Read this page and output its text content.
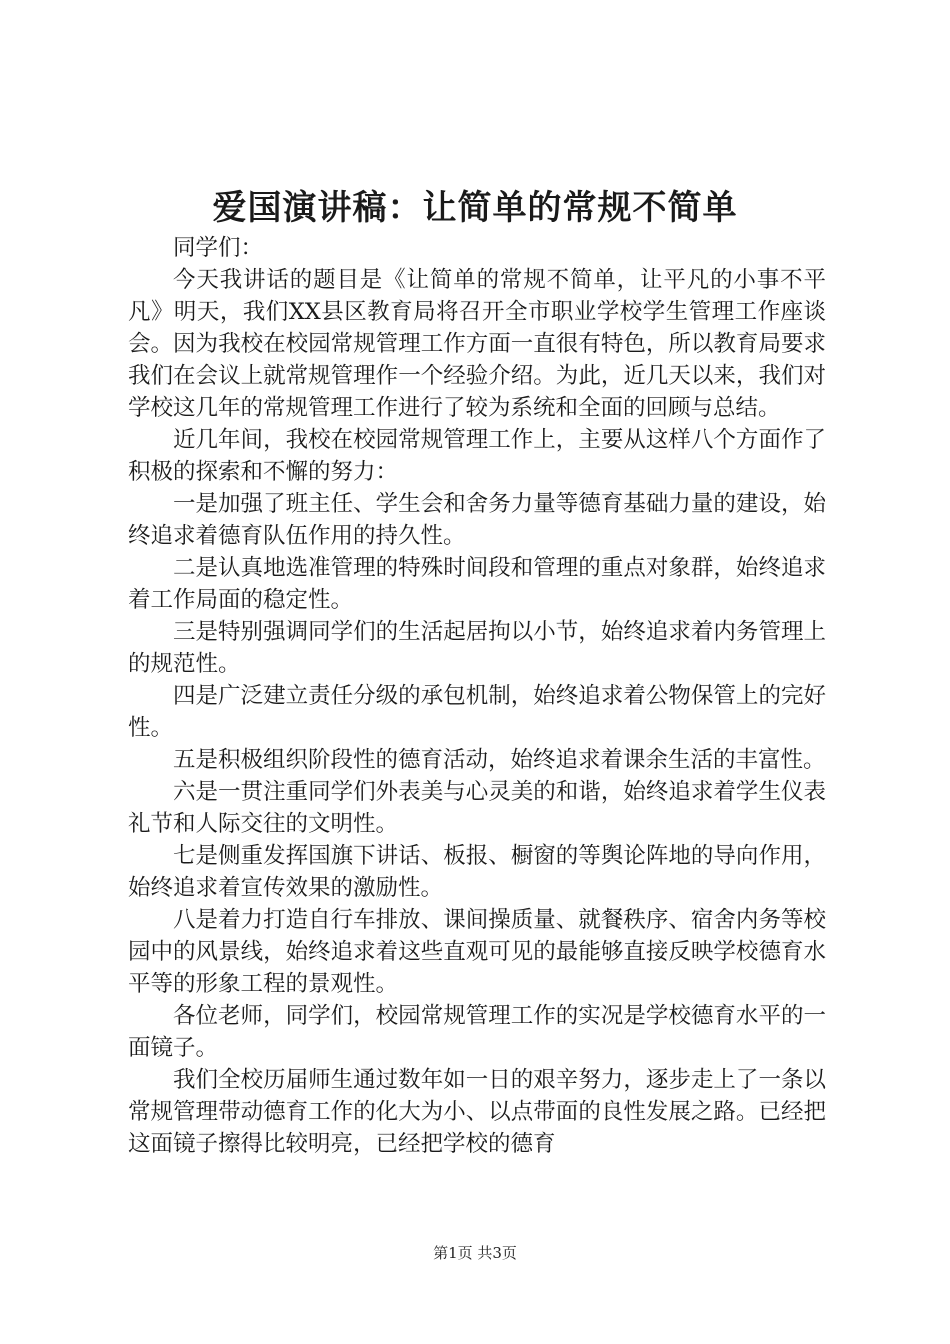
爱国演讲稿：让简单的常规不简单

同学们：

今天我讲话的题目是《让简单的常规不简单，让平凡的小事不平凡》明天，我们XX县区教育局将召开全市职业学校学生管理工作座谈会。因为我校在校园常规管理工作方面一直很有特色，所以教育局要求我们在会议上就常规管理作一个经验介绍。为此，近几天以来，我们对学校这几年的常规管理工作进行了较为系统和全面的回顾与总结。

近几年间，我校在校园常规管理工作上，主要从这样八个方面作了积极的探索和不懈的努力：

一是加强了班主任、学生会和舍务力量等德育基础力量的建设，始终追求着德育队伍作用的持久性。

二是认真地选准管理的特殊时间段和管理的重点对象群，始终追求着工作局面的稳定性。

三是特别强调同学们的生活起居拘以小节，始终追求着内务管理上的规范性。

四是广泛建立责任分级的承包机制，始终追求着公物保管上的完好性。

五是积极组织阶段性的德育活动，始终追求着课余生活的丰富性。

六是一贯注重同学们外表美与心灵美的和谐，始终追求着学生仪表礼节和人际交往的文明性。

七是侧重发挥国旗下讲话、板报、橱窗的等舆论阵地的导向作用，始终追求着宣传效果的激励性。

八是着力打造自行车排放、课间操质量、就餐秩序、宿舍内务等校园中的风景线，始终追求着这些直观可见的最能够直接反映学校德育水平等的形象工程的景观性。

各位老师，同学们，校园常规管理工作的实况是学校德育水平的一面镜子。

我们全校历届师生通过数年如一日的艰辛努力，逐步走上了一条以常规管理带动德育工作的化大为小、以点带面的良性发展之路。已经把这面镜子擦得比较明亮，已经把学校的德育

第1页 共3页
